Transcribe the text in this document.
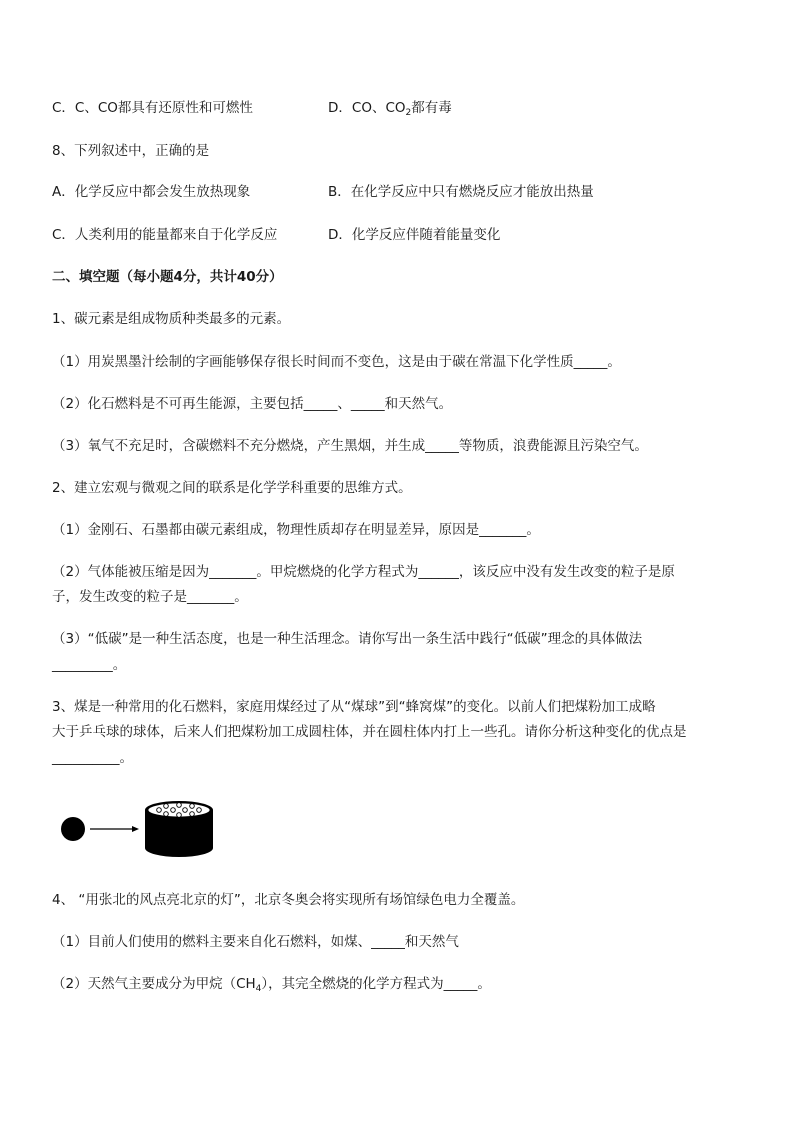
C．C、CO都具有还原性和可燃性	D．CO、$CO_2$都有毒
8、下列叙述中，正确的是
A．化学反应中都会发生放热现象	B．在化学反应中只有燃烧反应才能放出热量
C．人类利用的能量都来自于化学反应	D．化学反应伴随着能量变化
二、填空题（每小题4分，共计40分）
1、碳元素是组成物质种类最多的元素。
（1）用炭黑墨汁绘制的字画能够保存很长时间而不变色，这是由于碳在常温下化学性质_____。
（2）化石燃料是不可再生能源，主要包括_____、_____和天然气。
（3）氧气不充足时，含碳燃料不充分燃烧，产生黑烟，并生成_____等物质，浪费能源且污染空气。
2、建立宏观与微观之间的联系是化学学科重要的思维方式。
（1）金刚石、石墨都由碳元素组成，物理性质却存在明显差异，原因是_______。
（2）气体能被压缩是因为_______。甲烷燃烧的化学方程式为______，该反应中没有发生改变的粒子是原
子，发生改变的粒子是_______。
（3）“低碳”是一种生活态度，也是一种生活理念。请你写出一条生活中践行“低碳”理念的具体做法
_________。
3、煤是一种常用的化石燃料，家庭用煤经过了从“煤球”到“蜂窝煤”的变化。以前人们把煤粉加工成略
大于乒乓球的球体，后来人们把煤粉加工成圆柱体，并在圆柱体内打上一些孔。请你分析这种变化的优点是
__________。
4、 “用张北的风点亮北京的灯”，北京冬奥会将实现所有场馆绿色电力全覆盖。
（1）目前人们使用的燃料主要来自化石燃料，如煤、_____和天然气
（2）天然气主要成分为甲烷$(CH_4)$，其完全燃烧的化学方程式为_____。
